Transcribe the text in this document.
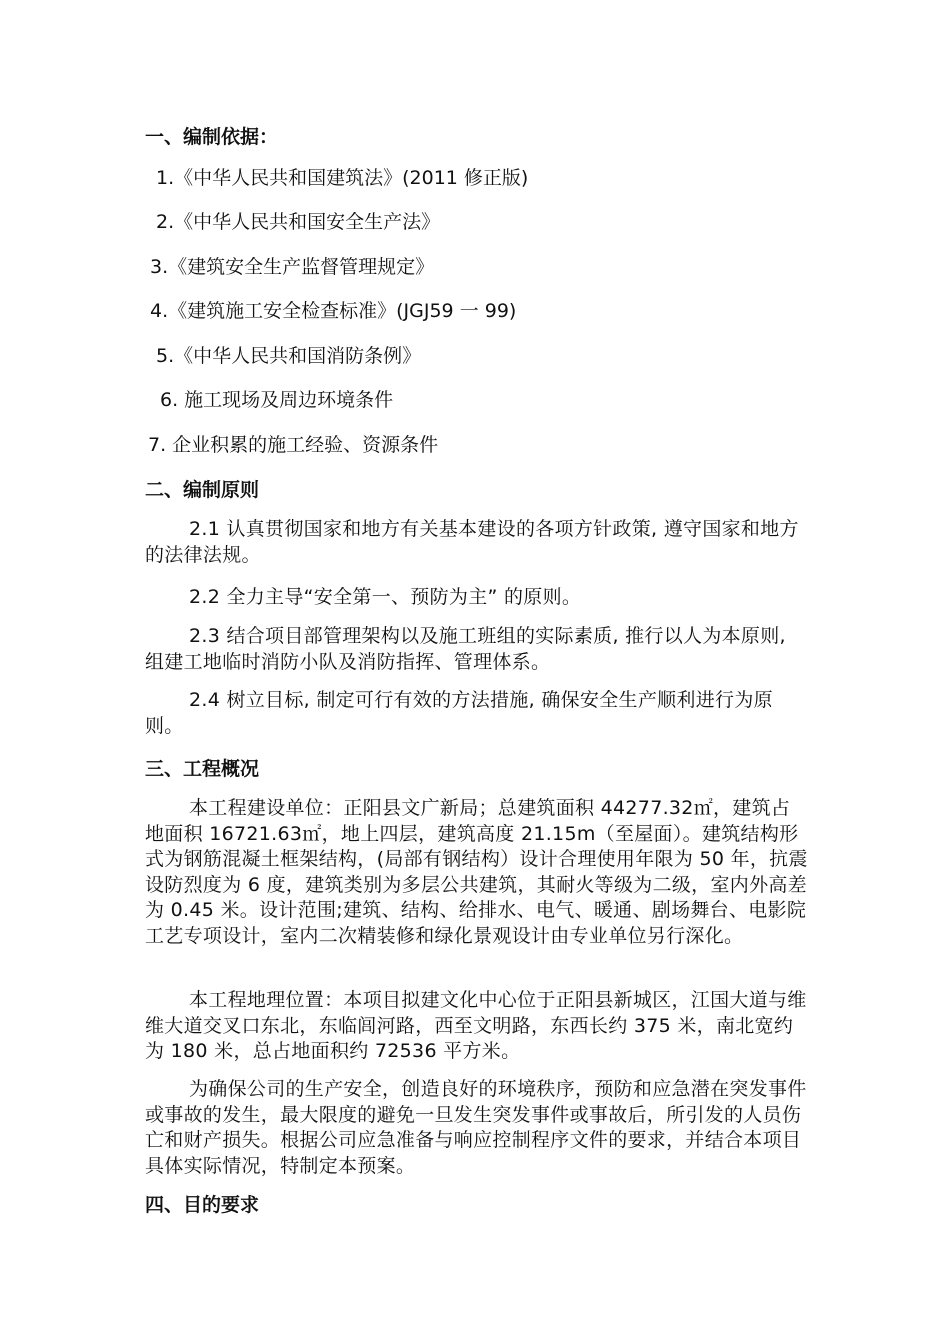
一、编制依据：
1.《中华人民共和国建筑法》(2011 修正版)
2.《中华人民共和国安全生产法》
3.《建筑安全生产监督管理规定》
4.《建筑施工安全检查标准》(JGJ59 一 99)
5.《中华人民共和国消防条例》
6. 施工现场及周边环境条件
7. 企业积累的施工经验、资源条件
二、编制原则
2.1 认真贯彻国家和地方有关基本建设的各项方针政策, 遵守国家和地方的法律法规。
2.2 全力主导“安全第一、预防为主” 的原则。
2.3 结合项目部管理架构以及施工班组的实际素质, 推行以人为本原则, 组建工地临时消防小队及消防指挥、管理体系。
2.4 树立目标, 制定可行有效的方法措施, 确保安全生产顺利进行为原则。
三、工程概况
本工程建设单位：正阳县文广新局；总建筑面积 44277.32㎡，建筑占地面积 16721.63㎡，地上四层，建筑高度 21.15m（至屋面）。建筑结构形式为钢筋混凝土框架结构，(局部有钢结构）设计合理使用年限为 50 年，抗震设防烈度为 6 度，建筑类别为多层公共建筑，其耐火等级为二级，室内外高差为 0.45 米。设计范围;建筑、结构、给排水、电气、暖通、剧场舞台、电影院工艺专项设计，室内二次精装修和绿化景观设计由专业单位另行深化。
本工程地理位置：本项目拟建文化中心位于正阳县新城区，江国大道与维维大道交叉口东北，东临闾河路，西至文明路，东西长约 375 米，南北宽约为 180 米，总占地面积约 72536 平方米。
为确保公司的生产安全，创造良好的环境秩序，预防和应急潜在突发事件或事故的发生，最大限度的避免一旦发生突发事件或事故后，所引发的人员伤亡和财产损失。根据公司应急准备与响应控制程序文件的要求，并结合本项目具体实际情况，特制定本预案。
四、目的要求
